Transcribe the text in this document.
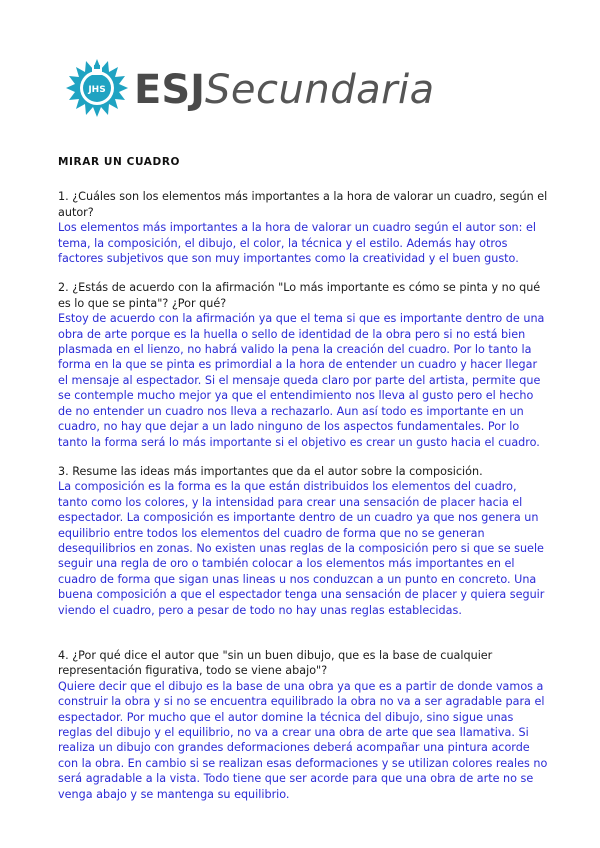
JHS ESJSecundaria

MIRAR UN CUADRO

1. ¿Cuáles son los elementos más importantes a la hora de valorar un cuadro, según el autor?

Los elementos más importantes a la hora de valorar un cuadro según el autor son: el tema, la composición, el dibujo, el color, la técnica y el estilo. Además hay otros factores subjetivos que son muy importantes como la creatividad y el buen gusto.

2. ¿Estás de acuerdo con la afirmación "Lo más importante es cómo se pinta y no qué es lo que se pinta"? ¿Por qué?

Estoy de acuerdo con la afirmación ya que el tema si que es importante dentro de una obra de arte porque es la huella o sello de identidad de la obra pero si no está bien plasmada en el lienzo, no habrá valido la pena la creación del cuadro. Por lo tanto la forma en la que se pinta es primordial a la hora de entender un cuadro y hacer llegar el mensaje al espectador. Si el mensaje queda claro por parte del artista, permite que se contemple mucho mejor ya que el entendimiento nos lleva al gusto pero el hecho de no entender un cuadro nos lleva a rechazarlo. Aun así todo es importante en un cuadro, no hay que dejar a un lado ninguno de los aspectos fundamentales. Por lo tanto la forma será lo más importante si el objetivo es crear un gusto hacia el cuadro.

3. Resume las ideas más importantes que da el autor sobre la composición.

La composición es la forma es la que están distribuidos los elementos del cuadro, tanto como los colores, y la intensidad para crear una sensación de placer hacia el espectador. La composición es importante dentro de un cuadro ya que nos genera un equilibrio entre todos los elementos del cuadro de forma que no se generan desequilibrios en zonas. No existen unas reglas de la composición pero si que se suele seguir una regla de oro o también colocar a los elementos más importantes en el cuadro de forma que sigan unas lineas u nos conduzcan a un punto en concreto. Una buena composición a que el espectador tenga una sensación de placer y quiera seguir viendo el cuadro, pero a pesar de todo no hay unas reglas establecidas.

4. ¿Por qué dice el autor que "sin un buen dibujo, que es la base de cualquier representación figurativa, todo se viene abajo"?

Quiere decir que el dibujo es la base de una obra ya que es a partir de donde vamos a construir la obra y si no se encuentra equilibrado la obra no va a ser agradable para el espectador. Por mucho que el autor domine la técnica del dibujo, sino sigue unas reglas del dibujo y el equilibrio, no va a crear una obra de arte que sea llamativa. Si realiza un dibujo con grandes deformaciones deberá acompañar una pintura acorde con la obra. En cambio si se realizan esas deformaciones y se utilizan colores reales no será agradable a la vista. Todo tiene que ser acorde para que una obra de arte no se venga abajo y se mantenga su equilibrio.
